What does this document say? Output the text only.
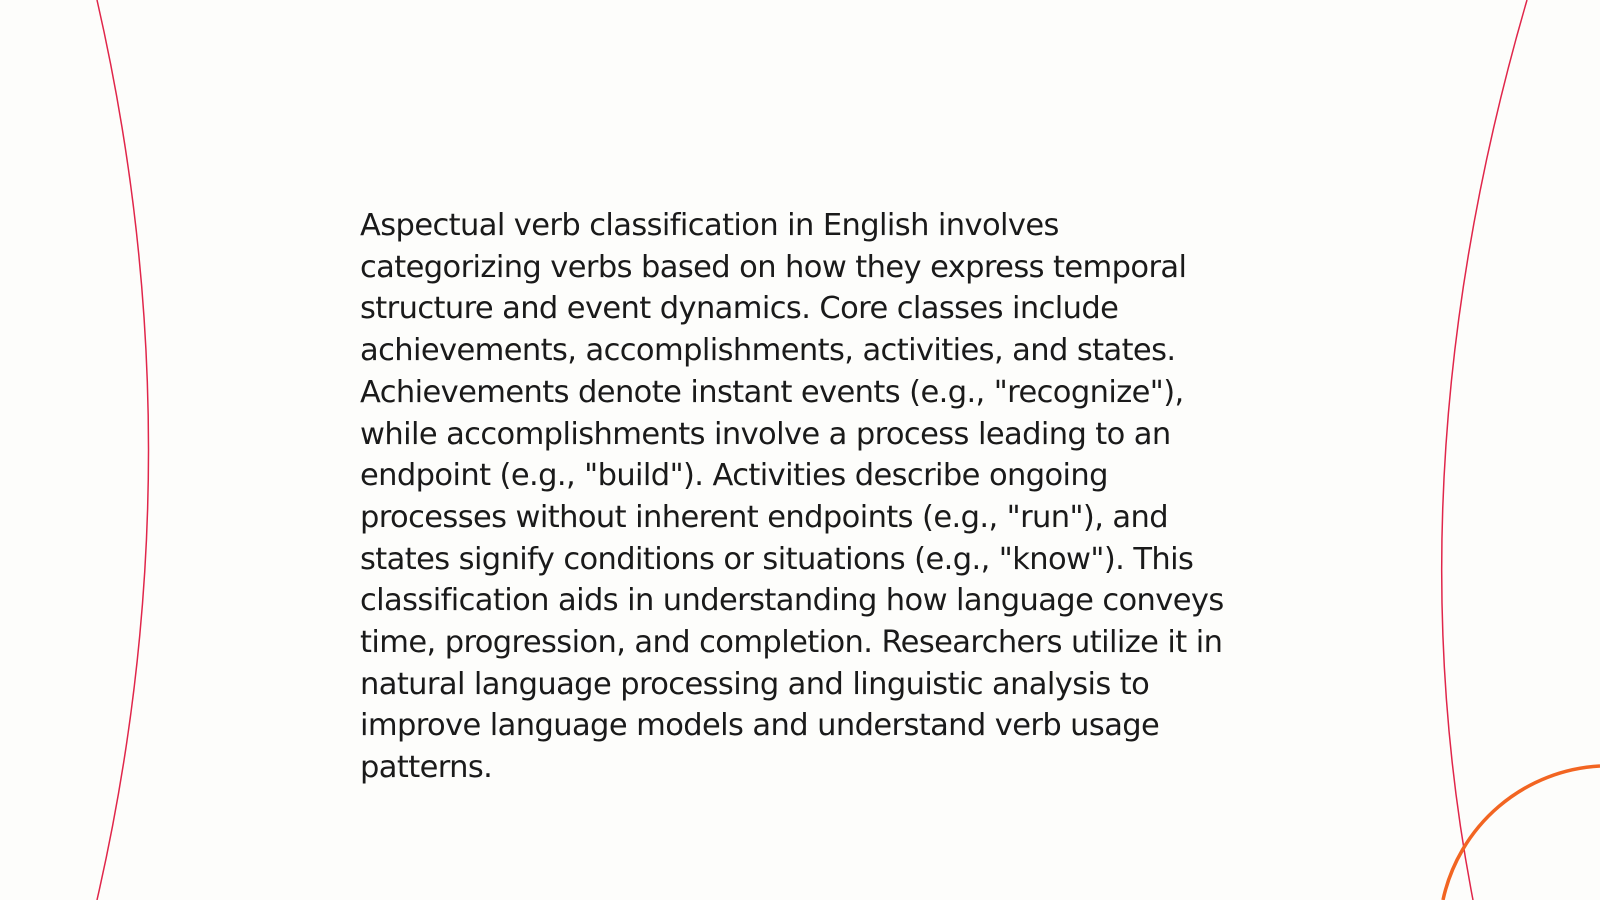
Aspectual verb classification in English involves categorizing verbs based on how they express temporal structure and event dynamics. Core classes include achievements, accomplishments, activities, and states. Achievements denote instant events (e.g., "recognize"), while accomplishments involve a process leading to an endpoint (e.g., "build"). Activities describe ongoing processes without inherent endpoints (e.g., "run"), and states signify conditions or situations (e.g., "know"). This classification aids in understanding how language conveys time, progression, and completion. Researchers utilize it in natural language processing and linguistic analysis to improve language models and understand verb usage patterns.
